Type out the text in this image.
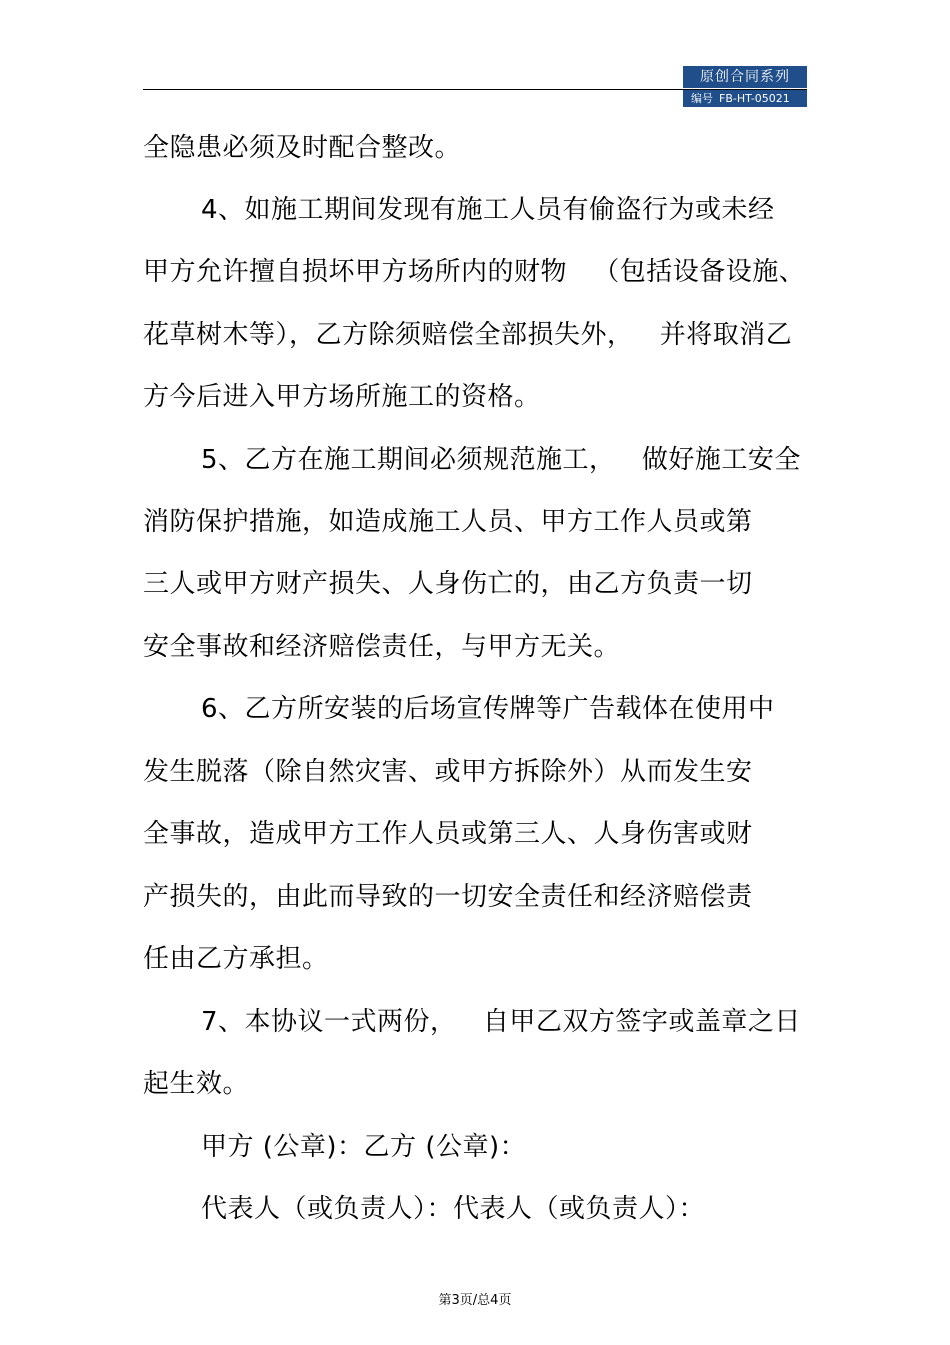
原创合同系列
编号 FB-HT-05021
全隐患必须及时配合整改。
4、如施工期间发现有施工人员有偷盗行为或未经
甲方允许擅自损坏甲方场所内的财物   （包括设备设施、
花草树木等），乙方除须赔偿全部损失外，   并将取消乙
方今后进入甲方场所施工的资格。
5、乙方在施工期间必须规范施工，   做好施工安全
消防保护措施，如造成施工人员、甲方工作人员或第
三人或甲方财产损失、人身伤亡的，由乙方负责一切
安全事故和经济赔偿责任，与甲方无关。
6、乙方所安装的后场宣传牌等广告载体在使用中
发生脱落（除自然灾害、或甲方拆除外）从而发生安
全事故，造成甲方工作人员或第三人、人身伤害或财
产损失的，由此而导致的一切安全责任和经济赔偿责
任由乙方承担。
7、本协议一式两份，   自甲乙双方签字或盖章之日
起生效。
甲方 (公章)：乙方 (公章)：
代表人（或负责人）：代表人（或负责人）：
第3页/总4页
